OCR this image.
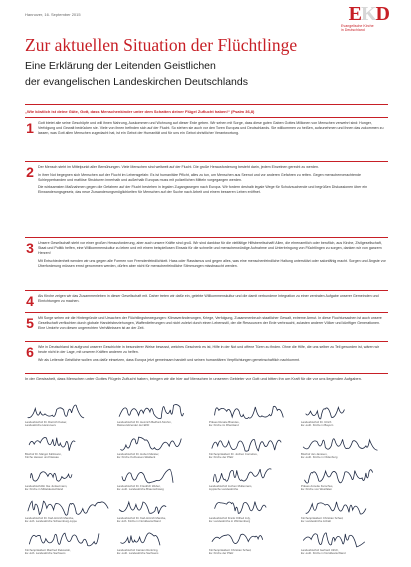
Hannover, 16. September 2015	E K D
Evangelische Kirche
in Deutschland
Zur aktuellen Situation der Flüchtlinge
Eine Erklärung der Leitenden Geistlichen
der evangelischen Landeskirchen Deutschlands
„Wie köstlich ist deine Güte, Gott, dass Menschenkinder unter dem Schatten deiner Flügel Zuflucht haben!“ (Psalm 36,8)
1	Gott bietet alle seine Geschöpfe und will ihnen Nahrung, Auskommen und Wohnung auf dieser Erde geben. Wir sehen mit Sorge, dass diese guten Gaben Gottes Millionen von Menschen verwehrt sind: Hunger, Verfolgung und Gewalt bedrücken sie. Viele von ihnen befinden sich auf der Flucht. So stehen sie auch vor den Toren Europas und Deutschlands. Sie willkommen zu heißen, aufzunehmen und ihnen das zukommen zu lassen, was Gott allen Menschen zugedacht hat, ist ein Gebot der Humanität und für uns ein Gebot christlicher Verantwortung.

2	Der Mensch steht im Mittelpunkt aller Bemühungen. Viele Menschen sind weltweit auf der Flucht. Die große Herausforderung besteht darin, jedem Einzelnen gerecht zu werden.

In ihrer Not begegnen sich Menschen auf der Flucht im Lebensgefahr. Es ist humanitäre Pflicht, alles zu tun, um Menschen aus Seenot und vor anderen Gefahren zu retten. Gegen menschenverachtende Schlepperbanden und mafiöse Strukturen innerhalb und außerhalb Europas muss mit polizeilichen Mitteln vorgegangen werden.

Die wirksamsten Maßnahmen gegen die Gefahren auf der Flucht bestehen in legalen Zugangswegen nach Europa. Wir fordern deshalb legale Wege für Schutzsuchende und begrüßen Diskussionen über ein Einwanderungsgesetz, das neue Zuwanderungsmöglichkeiten für Menschen auf der Suche nach Arbeit und einem besseren Leben eröffnet.

3	Unsere Gesellschaft steht vor einer großen Herausforderung, aber auch unsere Kräfte sind groß. Wir sind dankbar für die vielfältige Hilfsbereitschaft! Allen, die ehrenamtlich oder beruflich, aus Kirche, Zivilgesellschaft, Staat und Politik helfen, eine Willkommenskultur zu leben und mit einem beispiellosen Einsatz für die schnelle und menschenwürdige Aufnahme und Unterbringung von Flüchtlingen zu sorgen, danken wir von ganzem Herzen!

Mit Entschiedenheit wenden wir uns gegen alle Formen von Fremdenfeindlichkeit. Hass oder Rassismus und gegen alles, was eine menschenfeindliche Haltung unterstützt oder salonfähig macht. Sorgen und Ängste vor Überforderung müssen ernst genommen werden, dürfen aber nicht für menschenfeindliche Stimmungen missbraucht werden.

4	Als Kirche zeigen wir das Zusammenleben in dieser Gesellschaft mit. Daher treten wir dafür ein, gelebte Willkommenskultur und die damit verbundene Integration zu einer zentralen Aufgabe unserer Gemeinden und Einrichtungen zu machen.

5	Mit Sorge sehen wir die Hintergründe und Ursachen der Flüchtlingsbewegungen: Klimaveränderungen, Kriege, Verfolgung, Zusammenbruch staatlicher Gewalt, extreme Armut. In diese Fluchtursachen ist auch unsere Gesellschaft verflochten durch globale Handelsbeziehungen, Waffenlieferungen und nicht zuletzt durch einen Lebensstil, der die Ressourcen der Erde verbraucht, zulasten anderer Völker und künftiger Generationen. Eine Umkehr von diesen ungerechten Verhältnissen ist an der Zeit.

6	Wie in Deutschland ist aufgrund unserer Geschichte in besonderer Weise bewusst, welches Geschenk es ist, Hilfe in der Not und offene Türen zu finden. Ohne die Hilfe, die uns selber zu Teil geworden ist, wären wir heute nicht in der Lage, mit unseren Kräften anderen zu helfen.

Wir als Leitende Geistliche wollen uns dafür einsetzen, dass Europa jetzt gemeinsam handelt und seinen humanitären Verpflichtungen gemeinschaftlich nachkommt.

In der Gewissheit, dass Menschen unter Gottes Flügeln Zuflucht haben, bringen wir die hier auf Menschen in unserem Gebieter vor Gott und bitten ihn um Kraft für die vor uns liegenden Aufgaben.
Landesbischof Dr. Dietrich Kaiser,
Landeskirche Hannovers
Landesbischof Dr. Heinrich Bedford-Strohm,
Ratsvorsitzender der EKD
Präses Renate Brandes,
Ev. Kirche im Rheinland
Landesbischof Dr. Ulrich
Ev.-Luth. Kirche in Bayern
Bischof Dr. Margot Käßmann,
Kirche Hessen und Nassau
Landesbischof Dr. Hubert Meister,
Ev. Kirche Kurhessen-Waldeck
Kirchenpräsident Dr. Jochen Cornelius,
Ev. Kirche der Pfalz
Bischof Jan Janssen,
Ev.-Luth. Kirche in Oldenburg
Landesbischöfin Ilse Junkermann,
Ev. Kirche in Mitteldeutschland
Landesbischof Dr. Friedrich Weber,
Ev.-Luth. Landeskirche Braunschweig
Landesbischof Jochen Mullennam,
Lippische Landeskirche
Präses Annette Kurschus,
Ev. Kirche von Westfalen
Landesbischof Dr. Karl-Hinrich Manzke,
Ev.-luth. Landeskirche Schaumburg-Lippe
Landesbischof Dr. Karl-Hinrich Manzke,
Ev.-luth. Kirche in Norddeutschland
Landesbischof Frank Otfried July,
Ev. Landeskirche in Württemberg
Kirchenpräsident Christian Schad,
Ev. Landeskirche Anhalt
Kirchenpräsident Manfred Rekowski,
Ev.-luth. Landeskirche Sachsens
Landesbischof Carsten Rentzing,
Ev.-Luth. Landeskirche Sachsens
Kirchenpräsident Christian Schad,
Ev. Kirche der Pfalz
Landesbischof Gerhard Ulrich,
Ev.-Luth. Kirche in Norddeutschland
